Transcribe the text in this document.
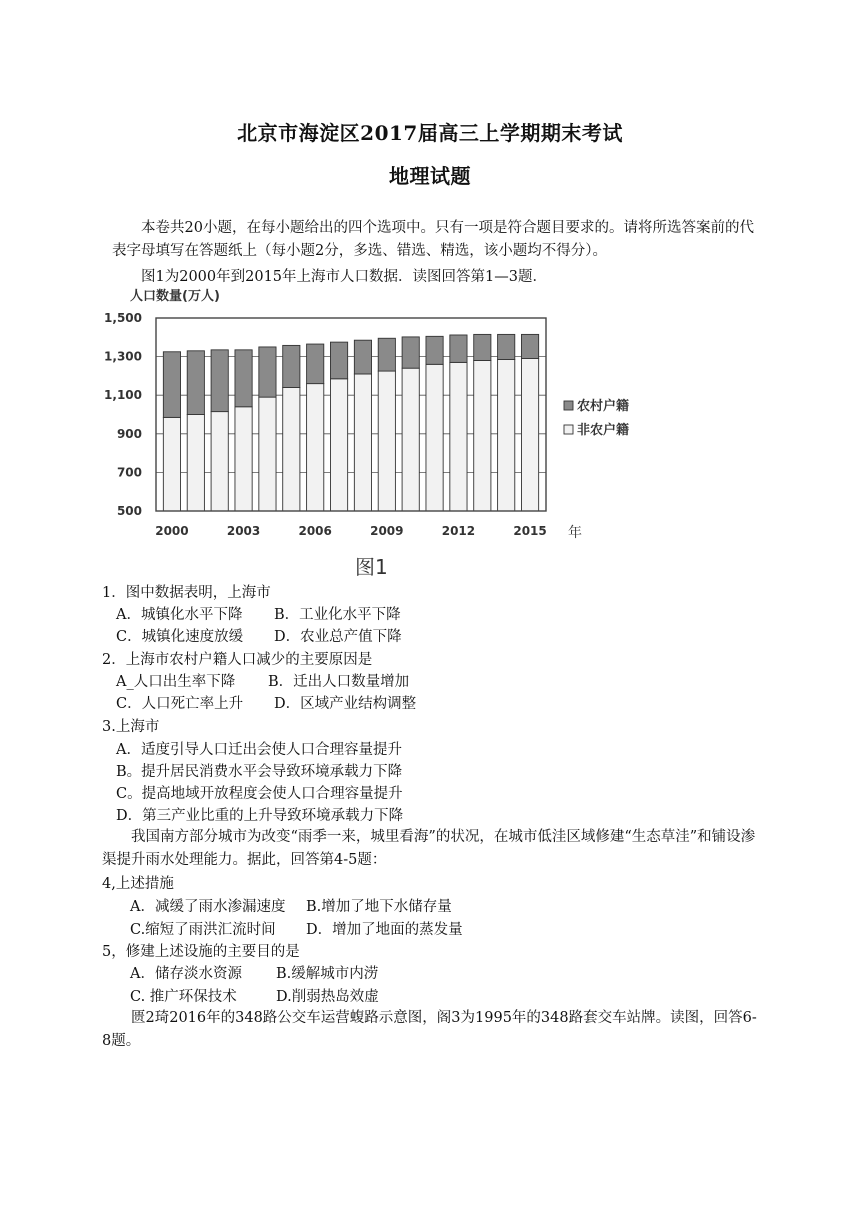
北京市海淀区2017届高三上学期期末考试
地理试题
本卷共20小题，在每小题给出的四个选项中。只有一项是符合题目要求的。请将所选答案前的代表字母填写在答题纸上（每小题2分，多选、错选、精选，该小题均不得分）。
图1为2000年到2015年上海市人口数据．读图回答第1—3题．
1,500
1,300
1,100
900
700
500
人口数量(万人)
2000	2003	2006	2009	2012	2015 年
农村户籍
非农户籍
图1
1．图中数据表明，上海市
A．城镇化水平下降 B．工业化水平下降
C．城镇化速度放缓 D．农业总产值下降
2．上海市农村户籍人口减少的主要原因是
A_人口出生率下降 B．迁出人口数量增加
C．人口死亡率上升 D．区域产业结构调整
3.上海市
A．适度引导人口迁出会使人口合理容量提升
B。提升居民消费水平会导致环境承载力下降
C。提高地域开放程度会使人口合理容量提升
D．第三产业比重的上升导致环境承载力下降
我国南方部分城市为改变“雨季一来，城里看海”的状况，在城市低洼区域修建“生态草洼”和铺设渗渠提升雨水处理能力。据此，回答第4-5题：
4,上述措施
A．减缓了雨水渗漏速度 B.增加了地下水储存量
C.缩短了雨洪汇流时间 D．增加了地面的蒸发量
5，修建上述设施的主要目的是
A．储存淡水资源 B.缓解城市内涝
C. 推广环保技术	D.削弱热岛效虚
匮2琦2016年的348路公交车运营蝮路示意图，阁3为1995年的348路套交车站牌。读图，回答6-8题。
